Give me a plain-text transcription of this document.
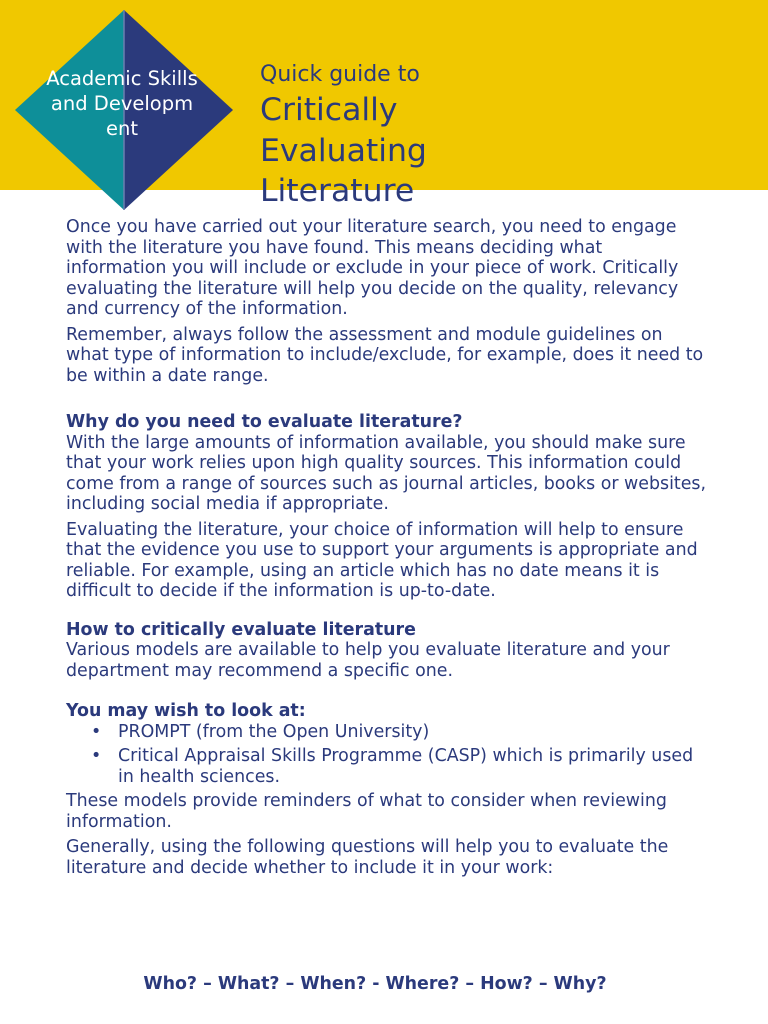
Academic Skills and Development
Quick guide to
Critically Evaluating Literature

Once you have carried out your literature search, you need to engage with the literature you have found. This means deciding what information you will include or exclude in your piece of work. Critically evaluating the literature will help you decide on the quality, relevancy and currency of the information.

Remember, always follow the assessment and module guidelines on what type of information to include/exclude, for example, does it need to be within a date range.

Why do you need to evaluate literature?

With the large amounts of information available, you should make sure that your work relies upon high quality sources. This information could come from a range of sources such as journal articles, books or websites, including social media if appropriate.

Evaluating the literature, your choice of information will help to ensure that the evidence you use to support your arguments is appropriate and reliable. For example, using an article which has no date means it is difficult to decide if the information is up-to-date.

How to critically evaluate literature

Various models are available to help you evaluate literature and your department may recommend a specific one.

You may wish to look at:
• PROMPT (from the Open University)
• Critical Appraisal Skills Programme (CASP) which is primarily used in health sciences.

These models provide reminders of what to consider when reviewing information.

Generally, using the following questions will help you to evaluate the literature and decide whether to include it in your work:

Who? – What? – When? - Where? – How? – Why?
